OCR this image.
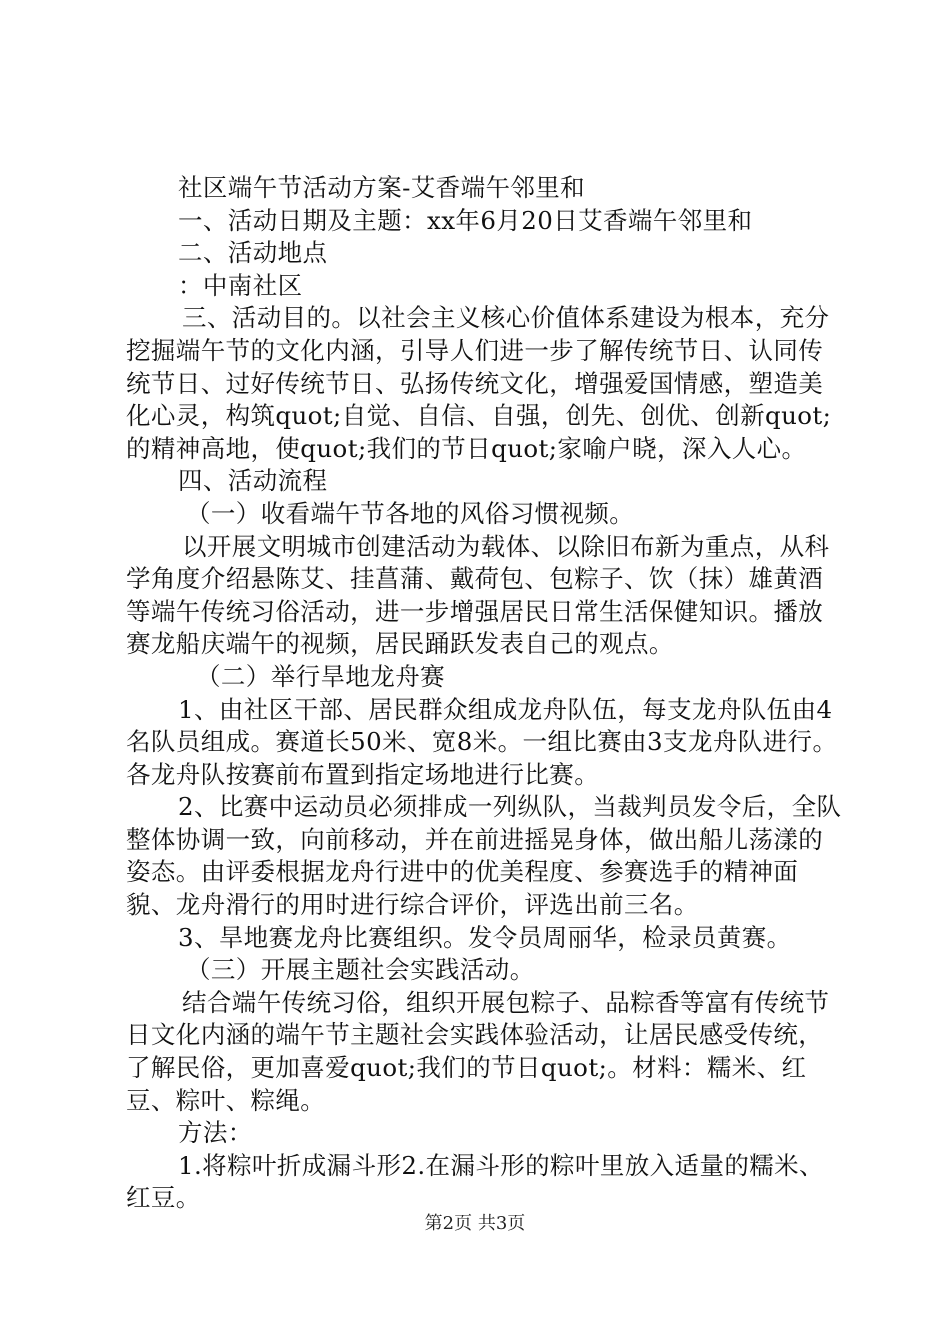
社区端午节活动方案-艾香端午邻里和

一、活动日期及主题：xx年6月20日艾香端午邻里和

二、活动地点

：中南社区

三、活动目的。以社会主义核心价值体系建设为根本，充分挖掘端午节的文化内涵，引导人们进一步了解传统节日、认同传统节日、过好传统节日、弘扬传统文化，增强爱国情感，塑造美化心灵，构筑quot;自觉、自信、自强，创先、创优、创新quot;的精神高地，使quot;我们的节日quot;家喻户晓，深入人心。

四、活动流程

（一）收看端午节各地的风俗习惯视频。

以开展文明城市创建活动为载体、以除旧布新为重点，从科学角度介绍悬陈艾、挂菖蒲、戴荷包、包粽子、饮（抹）雄黄酒等端午传统习俗活动，进一步增强居民日常生活保健知识。播放赛龙船庆端午的视频，居民踊跃发表自己的观点。

（二）举行旱地龙舟赛

1、由社区干部、居民群众组成龙舟队伍，每支龙舟队伍由4名队员组成。赛道长50米、宽8米。一组比赛由3支龙舟队进行。各龙舟队按赛前布置到指定场地进行比赛。

2、比赛中运动员必须排成一列纵队，当裁判员发令后，全队整体协调一致，向前移动，并在前进摇晃身体，做出船儿荡漾的姿态。由评委根据龙舟行进中的优美程度、参赛选手的精神面貌、龙舟滑行的用时进行综合评价，评选出前三名。

3、旱地赛龙舟比赛组织。发令员周丽华，检录员黄赛。

（三）开展主题社会实践活动。

结合端午传统习俗，组织开展包粽子、品粽香等富有传统节日文化内涵的端午节主题社会实践体验活动，让居民感受传统，了解民俗，更加喜爱quot;我们的节日quot;。材料：糯米、红豆、粽叶、粽绳。

方法：

1.将粽叶折成漏斗形2.在漏斗形的粽叶里放入适量的糯米、红豆。

第2页 共3页
